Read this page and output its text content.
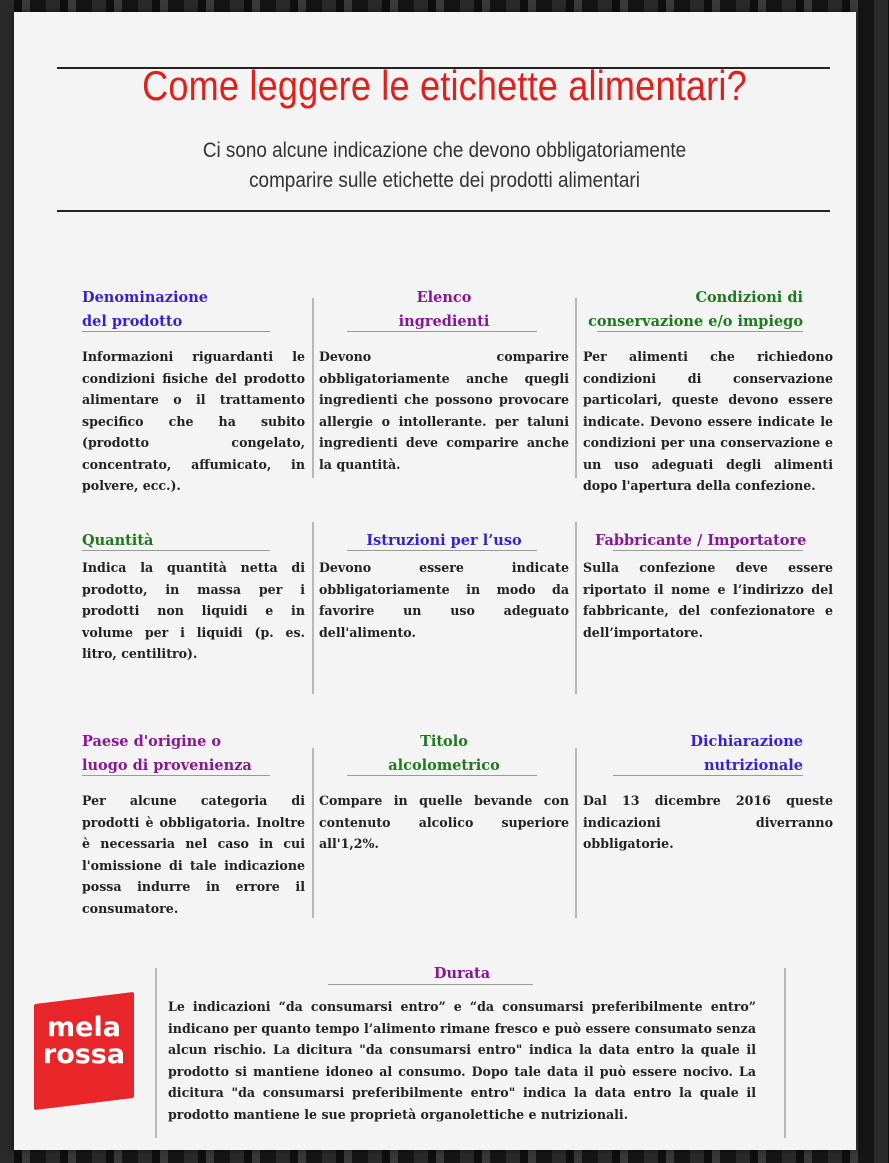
Come leggere le etichette alimentari?
Ci sono alcune indicazione che devono obbligatoriamente
comparire sulle etichette dei prodotti alimentari
Denominazione
del prodotto
Informazioni riguardanti le condizioni fisiche del prodotto alimentare o il trattamento specifico che ha subito (prodotto congelato, concentrato, affumicato, in polvere, ecc.).
Elenco
ingredienti
Devono comparire obbligatoriamente anche quegli ingredienti che possono provocare allergie o intollerante. per taluni ingredienti deve comparire anche la quantità.
Condizioni di
conservazione e/o impiego
Per alimenti che richiedono condizioni di conservazione particolari, queste devono essere indicate. Devono essere indicate le condizioni per una conservazione e un uso adeguati degli alimenti dopo l'apertura della confezione.
Quantità
Indica la quantità netta di prodotto, in massa per i prodotti non liquidi e in volume per i liquidi (p. es. litro, centilitro).
Istruzioni per l’uso
Devono essere indicate obbligatoriamente in modo da favorire un uso adeguato dell'alimento.
Fabbricante / Importatore
Sulla confezione deve essere riportato il nome e l’indirizzo del fabbricante, del confezionatore e dell’importatore.
Paese d'origine o
luogo di provenienza
Per alcune categoria di prodotti è obbligatoria. Inoltre è necessaria nel caso in cui l'omissione di tale indicazione possa indurre in errore il consumatore.
Titolo
alcolometrico
Compare in quelle bevande con contenuto alcolico superiore all'1,2%.
Dichiarazione
nutrizionale
Dal 13 dicembre 2016 queste indicazioni diverranno obbligatorie.
Durata
Le indicazioni “da consumarsi entro” e “da consumarsi preferibilmente entro” indicano per quanto tempo l’alimento rimane fresco e può essere consumato senza alcun rischio. La dicitura "da consumarsi entro" indica la data entro la quale il prodotto si mantiene idoneo al consumo. Dopo tale data il può essere nocivo. La dicitura "da consumarsi preferibilmente entro" indica la data entro la quale il prodotto mantiene le sue proprietà organolettiche e nutrizionali.
mela
rossa
